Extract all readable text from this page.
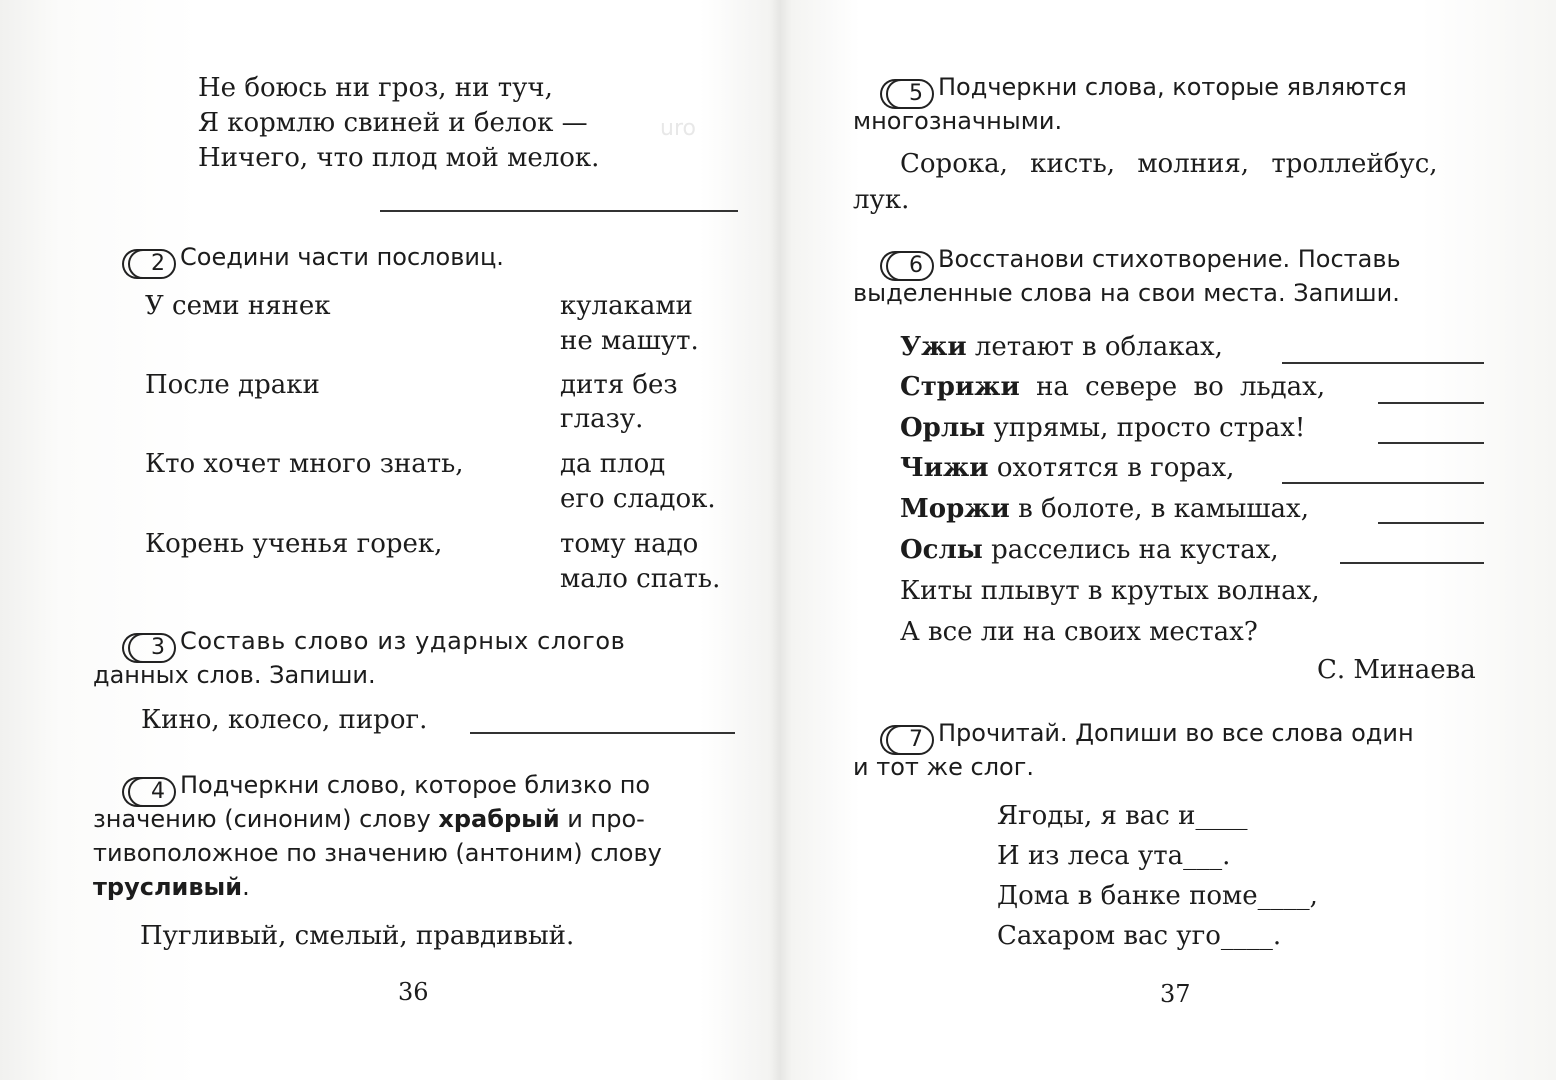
uro
Не боюсь ни гроз, ни туч,
Я кормлю свиней и белок —
Ничего, что плод мой мелок.
2 Соедини части пословиц.
У семи нянек	кулаками
не машут.
После драки	дитя без
глазу.
Кто хочет много знать,	да плод
его сладок.
Корень ученья горек,	тому надо
мало спать.
3 Составь слово из ударных слогов
данных слов. Запиши.
Кино, колесо, пирог.
4 Подчеркни слово, которое близко по
значению (синоним) слову храбрый и про-
тивоположное по значению (антоним) слову
трусливый.
Пугливый, смелый, правдивый.
36
5 Подчеркни слова, которые являются
многозначными.
Сорока, кисть, молния, троллейбус,
лук.
6 Восстанови стихотворение. Поставь
выделенные слова на свои места. Запиши.
Ужи летают в облаках,
Стрижи на севере во льдах,
Орлы упрямы, просто страх!
Чижи охотятся в горах,
Моржи в болоте, в камышах,
Ослы расселись на кустах,
Киты плывут в крутых волнах,
А все ли на своих местах?
С. Минаева
7 Прочитай. Допиши во все слова один
и тот же слог.
Ягоды, я вас и____
И из леса ута___.
Дома в банке поме____,
Сахаром вас уго____.
37
